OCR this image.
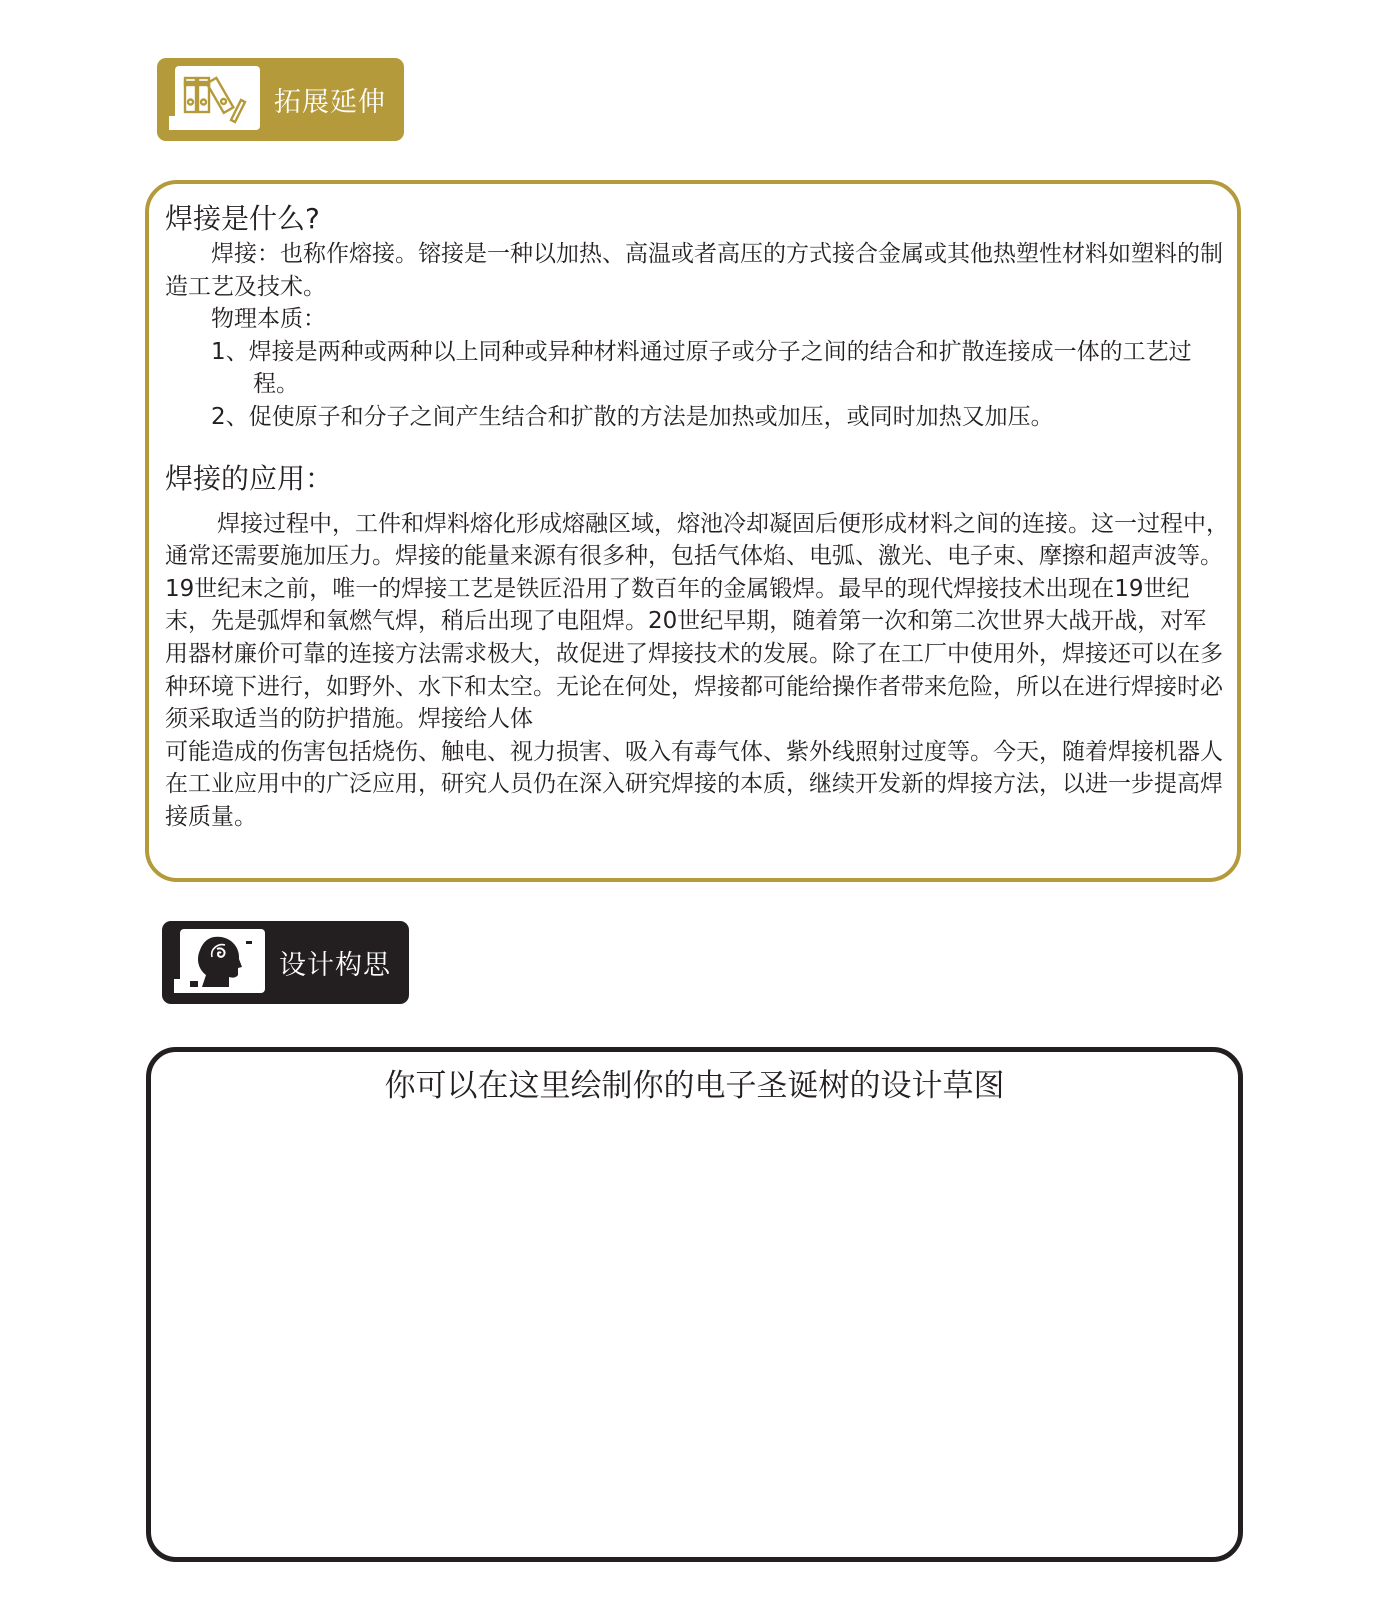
拓展延伸
焊接是什么?

焊接：也称作熔接。镕接是一种以加热、高温或者高压的方式接合金属或其他热塑性材料如塑料的制造工艺及技术。

物理本质：

1、焊接是两种或两种以上同种或异种材料通过原子或分子之间的结合和扩散连接成一体的工艺过程。

2、促使原子和分子之间产生结合和扩散的方法是加热或加压，或同时加热又加压。

焊接的应用：

焊接过程中，工件和焊料熔化形成熔融区域，熔池冷却凝固后便形成材料之间的连接。这一过程中，通常还需要施加压力。焊接的能量来源有很多种，包括气体焰、电弧、激光、电子束、摩擦和超声波等。19世纪末之前，唯一的焊接工艺是铁匠沿用了数百年的金属锻焊。最早的现代焊接技术出现在19世纪末，先是弧焊和氧燃气焊，稍后出现了电阻焊。20世纪早期，随着第一次和第二次世界大战开战，对军用器材廉价可靠的连接方法需求极大，故促进了焊接技术的发展。除了在工厂中使用外，焊接还可以在多种环境下进行，如野外、水下和太空。无论在何处，焊接都可能给操作者带来危险，所以在进行焊接时必须采取适当的防护措施。焊接给人体

可能造成的伤害包括烧伤、触电、视力损害、吸入有毒气体、紫外线照射过度等。今天，随着焊接机器人在工业应用中的广泛应用，研究人员仍在深入研究焊接的本质，继续开发新的焊接方法，以进一步提高焊接质量。

设计构思
你可以在这里绘制你的电子圣诞树的设计草图
